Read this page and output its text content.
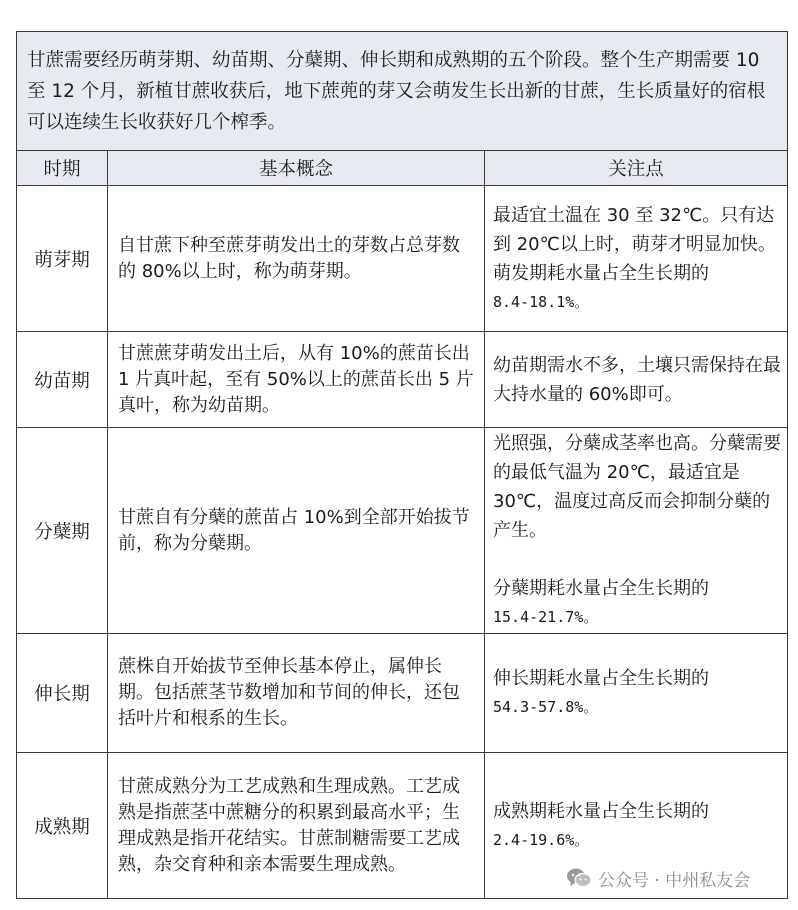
甘蔗需要经历萌芽期、幼苗期、分蘖期、伸长期和成熟期的五个阶段。整个生产期需要 10 至 12 个月，新植甘蔗收获后，地下蔗蔸的芽又会萌发生长出新的甘蔗，生长质量好的宿根可以连续生长收获好几个榨季。		
时期	基本概念	关注点
萌芽期	自甘蔗下种至蔗芽萌发出土的芽数占总芽数的 80%以上时，称为萌芽期。	最适宜土温在 30 至 32℃。只有达到 20℃以上时，萌芽才明显加快。
萌发期耗水量占全生长期的
8.4-18.1%。

幼苗期	甘蔗蔗芽萌发出土后，从有 10%的蔗苗长出 1 片真叶起，至有 50%以上的蔗苗长出 5 片真叶，称为幼苗期。	幼苗期需水不多，土壤只需保持在最大持水量的 60%即可。

分蘖期	甘蔗自有分蘖的蔗苗占 10%到全部开始拔节前，称为分蘖期。	光照强，分蘖成茎率也高。分蘖需要的最低气温为 20℃，最适宜是 30℃，温度过高反而会抑制分蘖的产生。
分蘖期耗水量占全生长期的
15.4-21.7%。

伸长期	蔗株自开始拔节至伸长基本停止，属伸长期。包括蔗茎节数增加和节间的伸长，还包括叶片和根系的生长。	伸长期耗水量占全生长期的
54.3-57.8%。

成熟期	甘蔗成熟分为工艺成熟和生理成熟。工艺成熟是指蔗茎中蔗糖分的积累到最高水平；生理成熟是指开花结实。甘蔗制糖需要工艺成熟，杂交育种和亲本需要生理成熟。	成熟期耗水量占全生长期的
2.4-19.6%。
公众号 · 中州私友会
